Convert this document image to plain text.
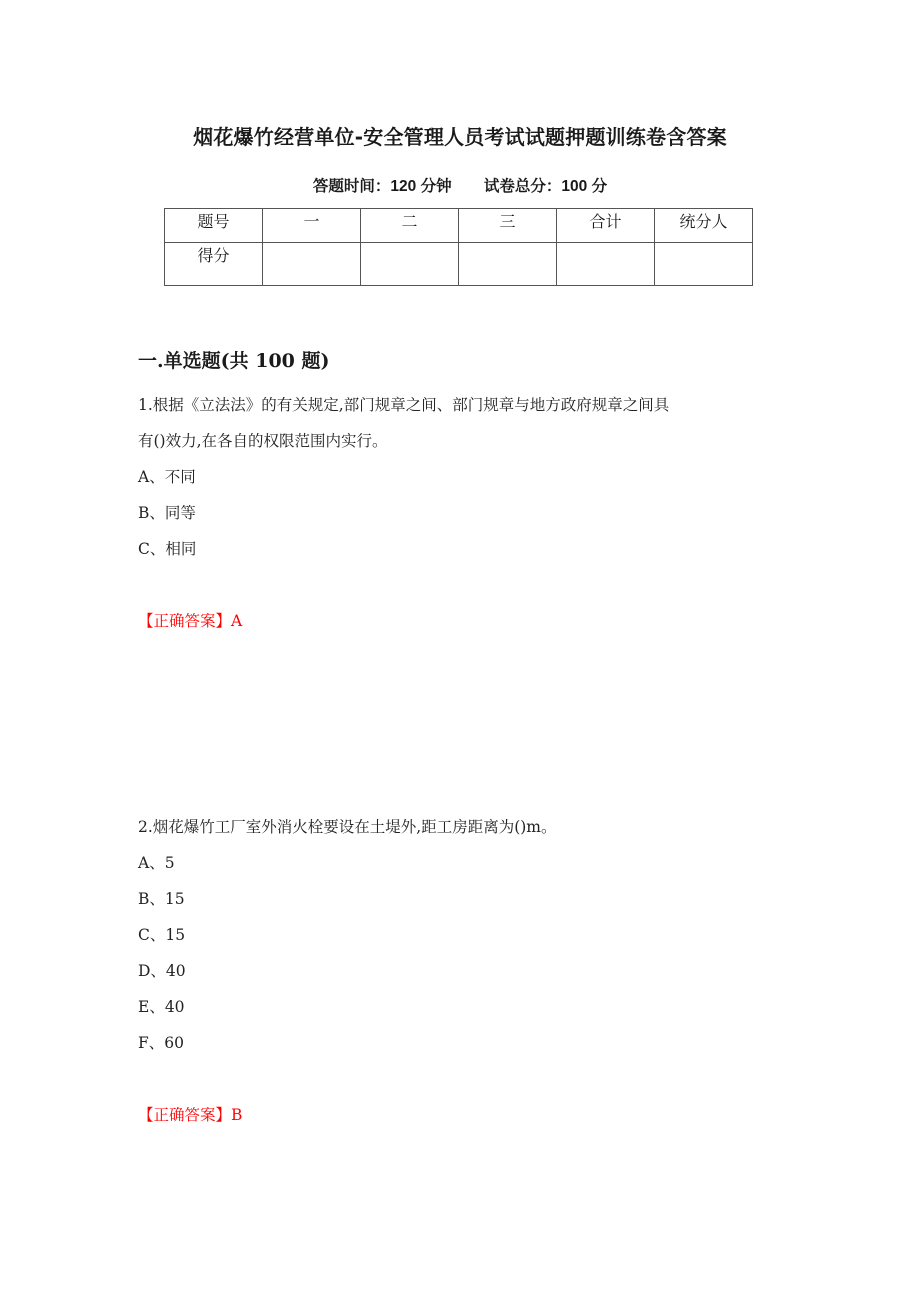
烟花爆竹经营单位-安全管理人员考试试题押题训练卷含答案
答题时间：120 分钟 试卷总分：100 分
题号	一	二	三	合计	统分人
得分					
一.单选题(共 100 题)
1.根据《立法法》的有关规定,部门规章之间、部门规章与地方政府规章之间具
有()效力,在各自的权限范围内实行。
A、不同
B、同等
C、相同
【正确答案】A
2.烟花爆竹工厂室外消火栓要设在土堤外,距工房距离为()m。
A、5
B、15
C、15
D、40
E、40
F、60
【正确答案】B
